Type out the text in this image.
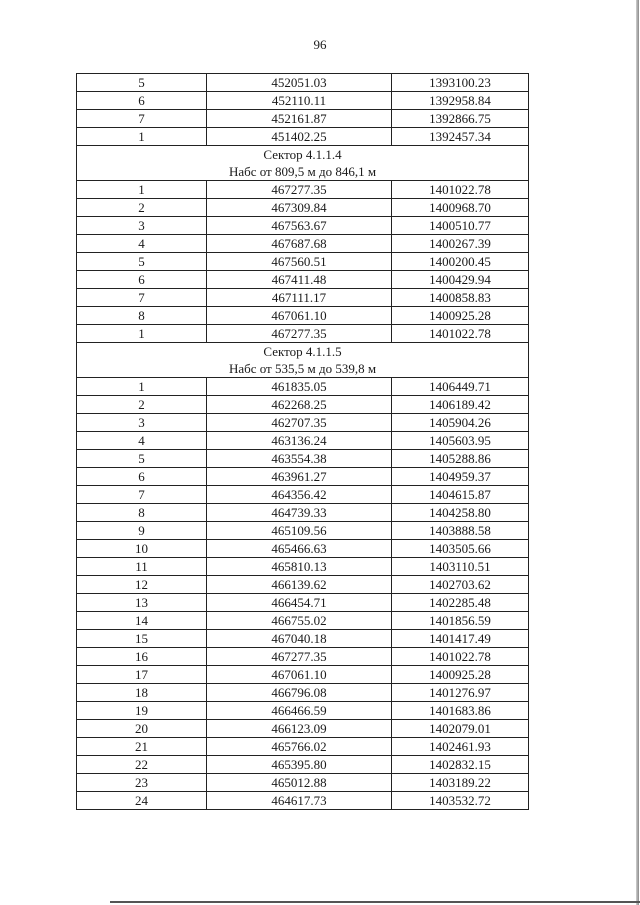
96
5	452051.03	1393100.23
6	452110.11	1392958.84
7	452161.87	1392866.75
1	451402.25	1392457.34
Сектор 4.1.1.4		
Набс от 809,5 м до 846,1 м		
1	467277.35	1401022.78
2	467309.84	1400968.70
3	467563.67	1400510.77
4	467687.68	1400267.39
5	467560.51	1400200.45
6	467411.48	1400429.94
7	467111.17	1400858.83
8	467061.10	1400925.28
1	467277.35	1401022.78
Сектор 4.1.1.5		
Набс от 535,5 м до 539,8 м		
1	461835.05	1406449.71
2	462268.25	1406189.42
3	462707.35	1405904.26
4	463136.24	1405603.95
5	463554.38	1405288.86
6	463961.27	1404959.37
7	464356.42	1404615.87
8	464739.33	1404258.80
9	465109.56	1403888.58
10	465466.63	1403505.66
11	465810.13	1403110.51
12	466139.62	1402703.62
13	466454.71	1402285.48
14	466755.02	1401856.59
15	467040.18	1401417.49
16	467277.35	1401022.78
17	467061.10	1400925.28
18	466796.08	1401276.97
19	466466.59	1401683.86
20	466123.09	1402079.01
21	465766.02	1402461.93
22	465395.80	1402832.15
23	465012.88	1403189.22
24	464617.73	1403532.72
